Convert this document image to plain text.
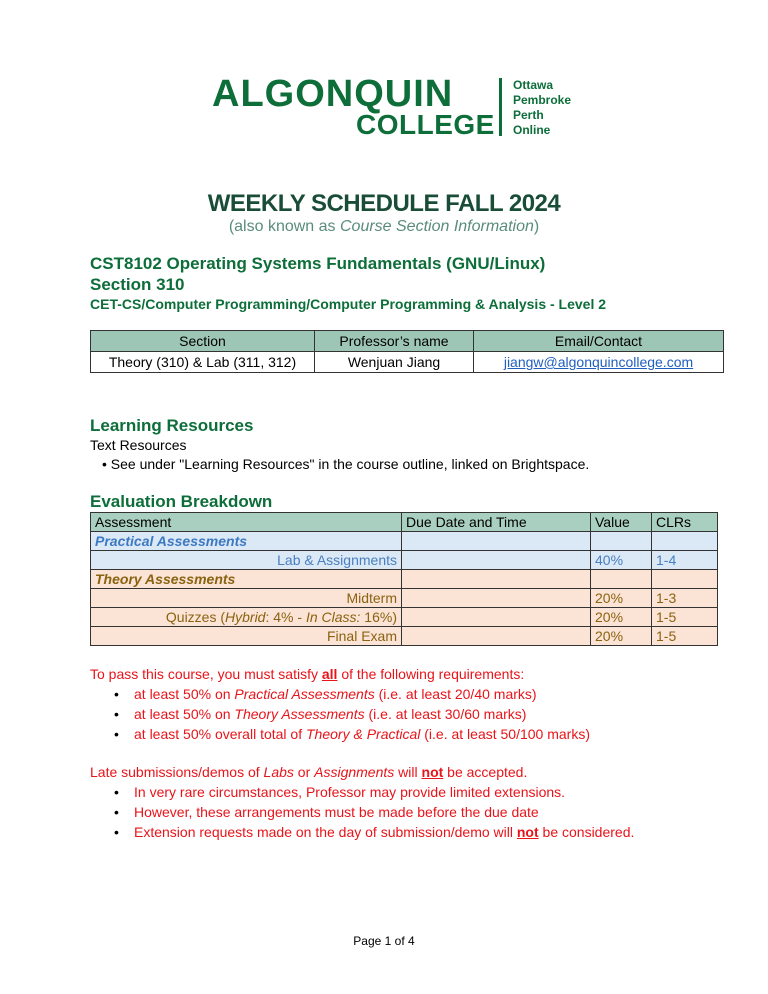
ALGONQUIN
COLLEGE
Ottawa
Pembroke
Perth
Online
WEEKLY SCHEDULE FALL 2024
(also known as Course Section Information)
CST8102 Operating Systems Fundamentals (GNU/Linux)
Section 310
CET-CS/Computer Programming/Computer Programming & Analysis - Level 2
Section	Professor’s name	Email/Contact
Theory (310) & Lab (311, 312)	Wenjuan Jiang	jiangw@algonquincollege.com
Learning Resources
Text Resources
• See under "Learning Resources" in the course outline, linked on Brightspace.
Evaluation Breakdown
Assessment	Due Date and Time	Value	CLRs
Practical Assessments			
Lab & Assignments		40%	1-4
Theory Assessments			
Midterm		20%	1-3
Quizzes (Hybrid: 4% - In Class: 16%)		20%	1-5
Final Exam		20%	1-5
To pass this course, you must satisfy all of the following requirements:
• at least 50% on Practical Assessments (i.e. at least 20/40 marks)
• at least 50% on Theory Assessments (i.e. at least 30/60 marks)
• at least 50% overall total of Theory & Practical (i.e. at least 50/100 marks)
Late submissions/demos of Labs or Assignments will not be accepted.
• In very rare circumstances, Professor may provide limited extensions.
• However, these arrangements must be made before the due date
• Extension requests made on the day of submission/demo will not be considered.
Page 1 of 4
